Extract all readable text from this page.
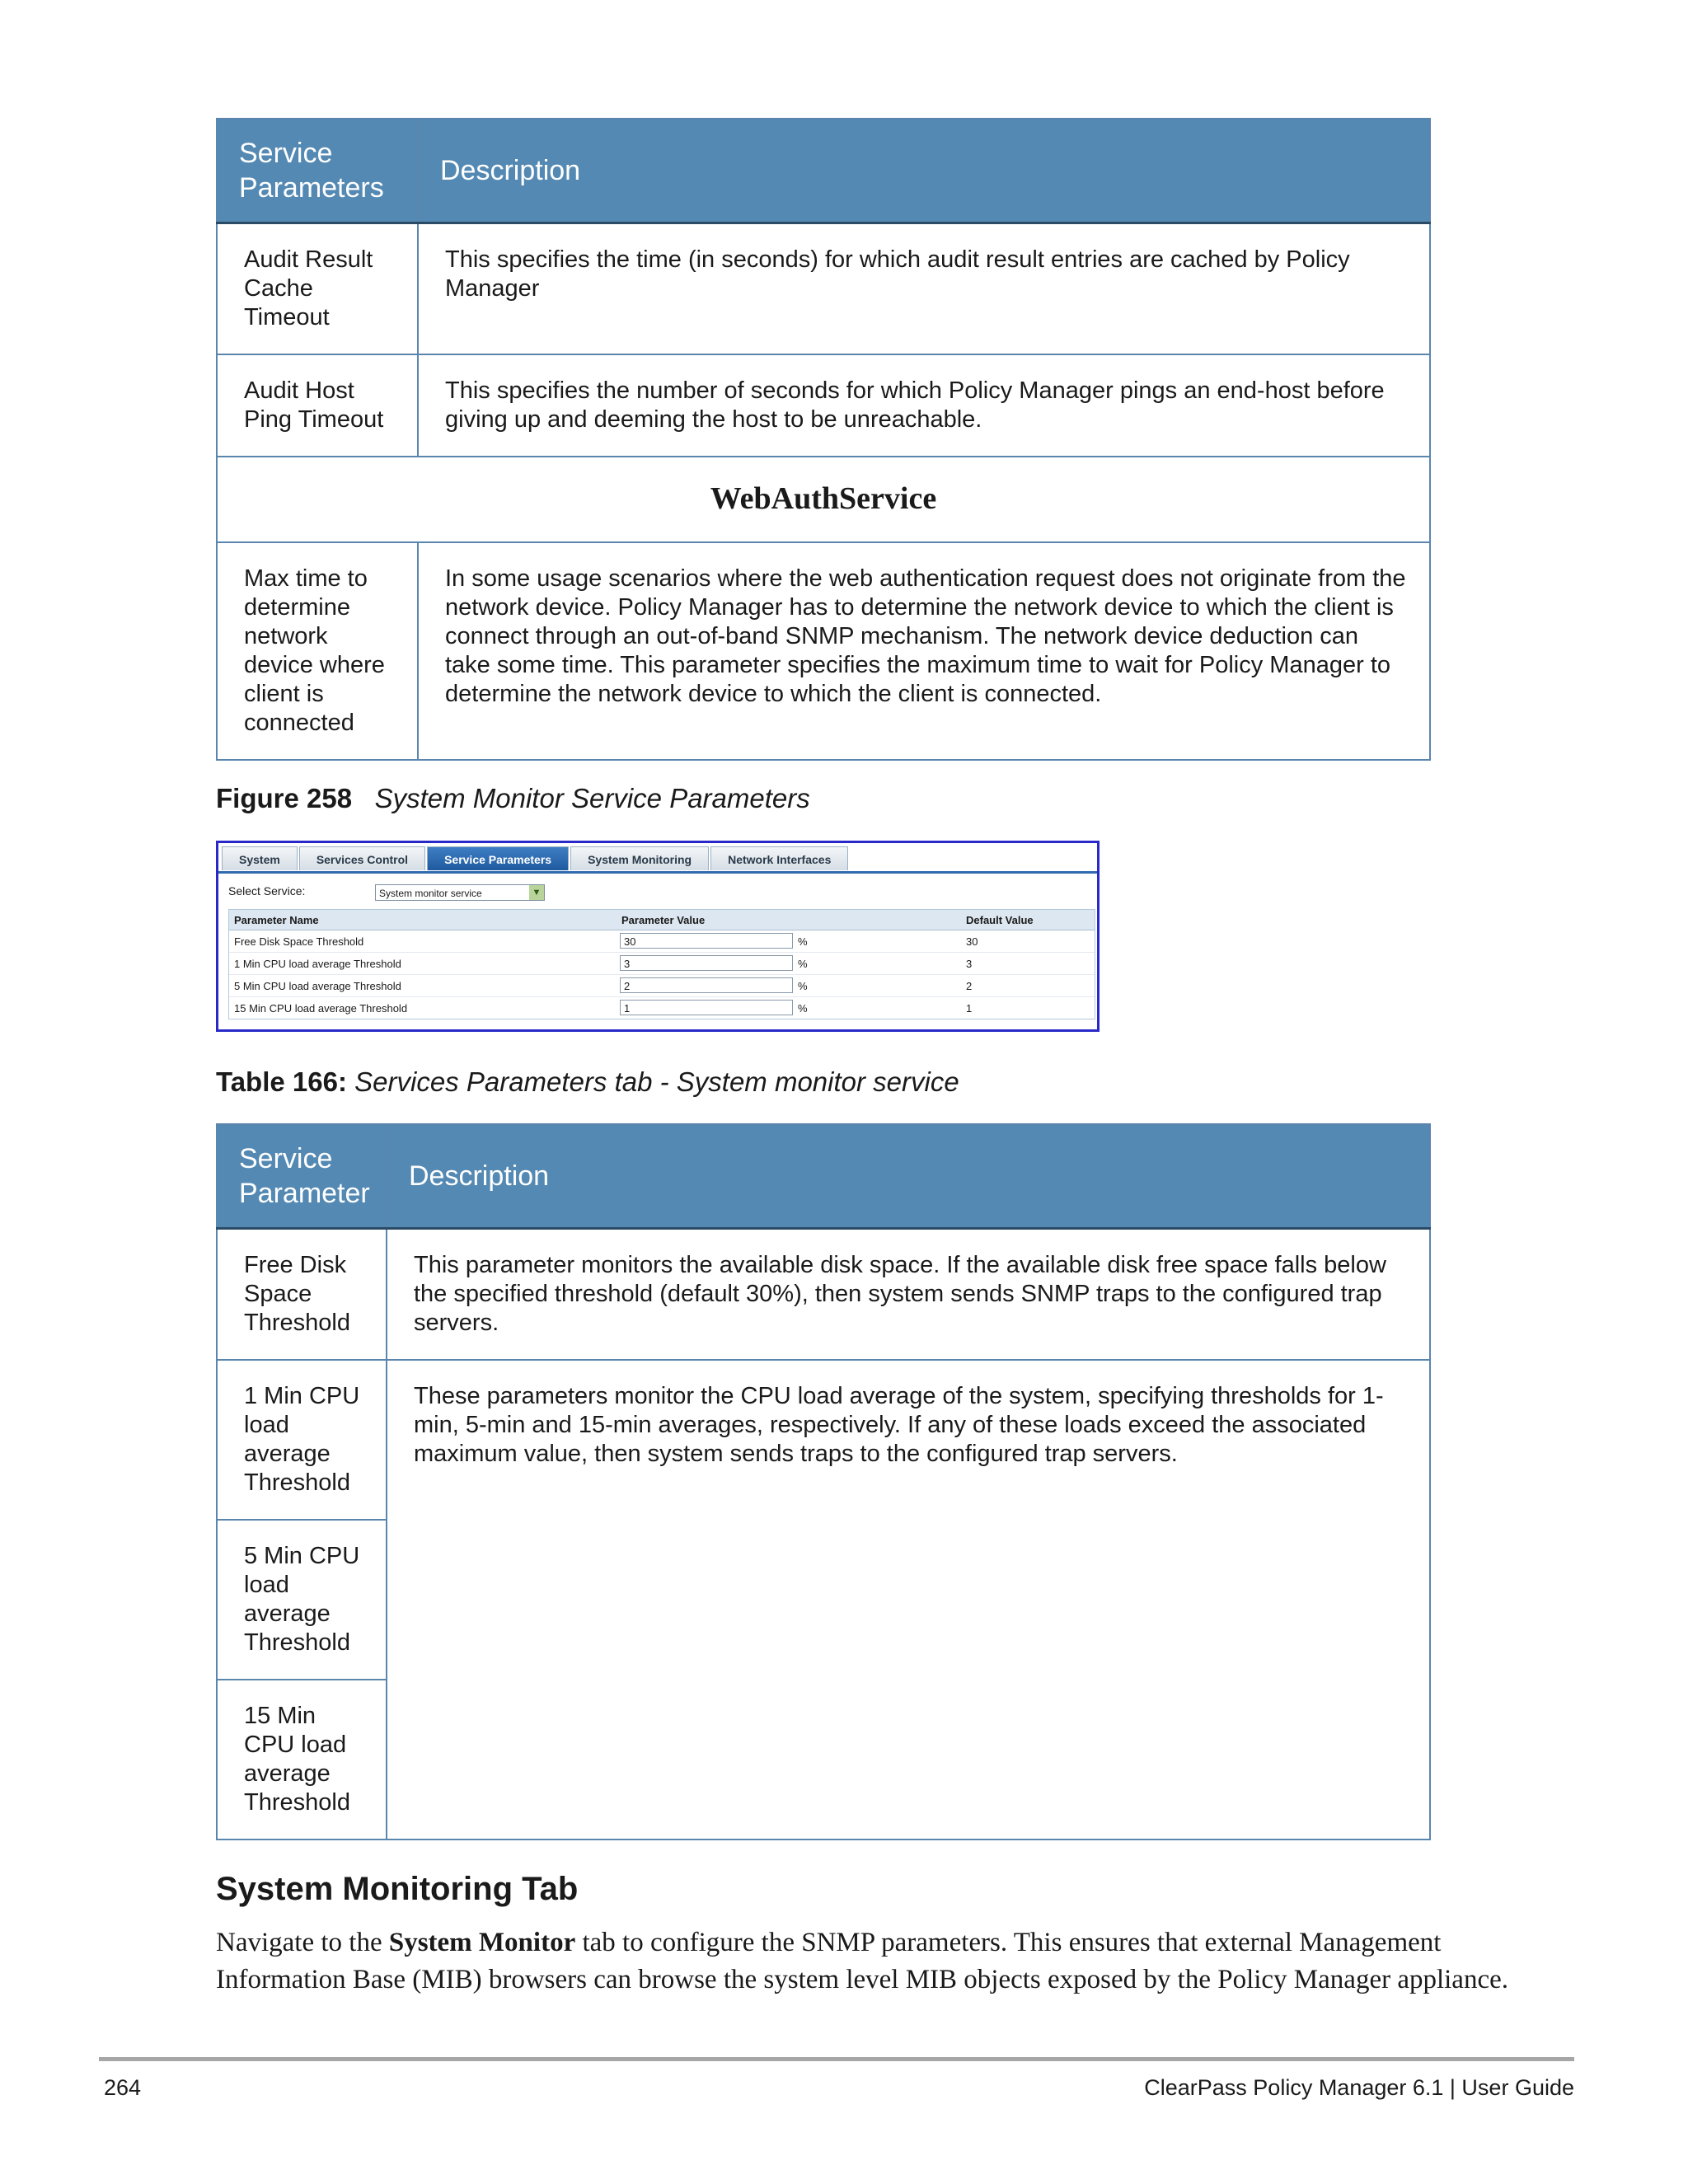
Service
Parameters	Description
Audit Result Cache Timeout	This specifies the time (in seconds) for which audit result entries are cached by Policy Manager
Audit Host Ping Timeout	This specifies the number of seconds for which Policy Manager pings an end-host before giving up and deeming the host to be unreachable.
WebAuthService	
Max time to determine network device where client is connected	In some usage scenarios where the web authentication request does not originate from the network device. Policy Manager has to determine the network device to which the client is connect through an out-of-band SNMP mechanism. The network device deduction can take some time. This parameter specifies the maximum time to wait for Policy Manager to determine the network device to which the client is connected.
Figure 258 System Monitor Service Parameters
System	Services Control	Service Parameters	System Monitoring	Network Interfaces
Select Service:	System monitor service	▼
Parameter Name	Parameter Value	Default Value
Free Disk Space Threshold	30	%	30
1 Min CPU load average Threshold	3	%	3
5 Min CPU load average Threshold	2	%	2
15 Min CPU load average Threshold	1	%	1
Table 166: Services Parameters tab - System monitor service
Service
Parameter	Description
Free Disk Space Threshold	This parameter monitors the available disk space. If the available disk free space falls below the specified threshold (default 30%), then system sends SNMP traps to the configured trap servers.
1 Min CPU load average Threshold	These parameters monitor the CPU load average of the system, specifying thresholds for 1-min, 5-min and 15-min averages, respectively. If any of these loads exceed the associated maximum value, then system sends traps to the configured trap servers.
5 Min CPU load average Threshold	
15 Min CPU load average Threshold	
System Monitoring Tab
Navigate to the System Monitor tab to configure the SNMP parameters. This ensures that external Management Information Base (MIB) browsers can browse the system level MIB objects exposed by the Policy Manager appliance.
264	ClearPass Policy Manager 6.1 | User Guide
